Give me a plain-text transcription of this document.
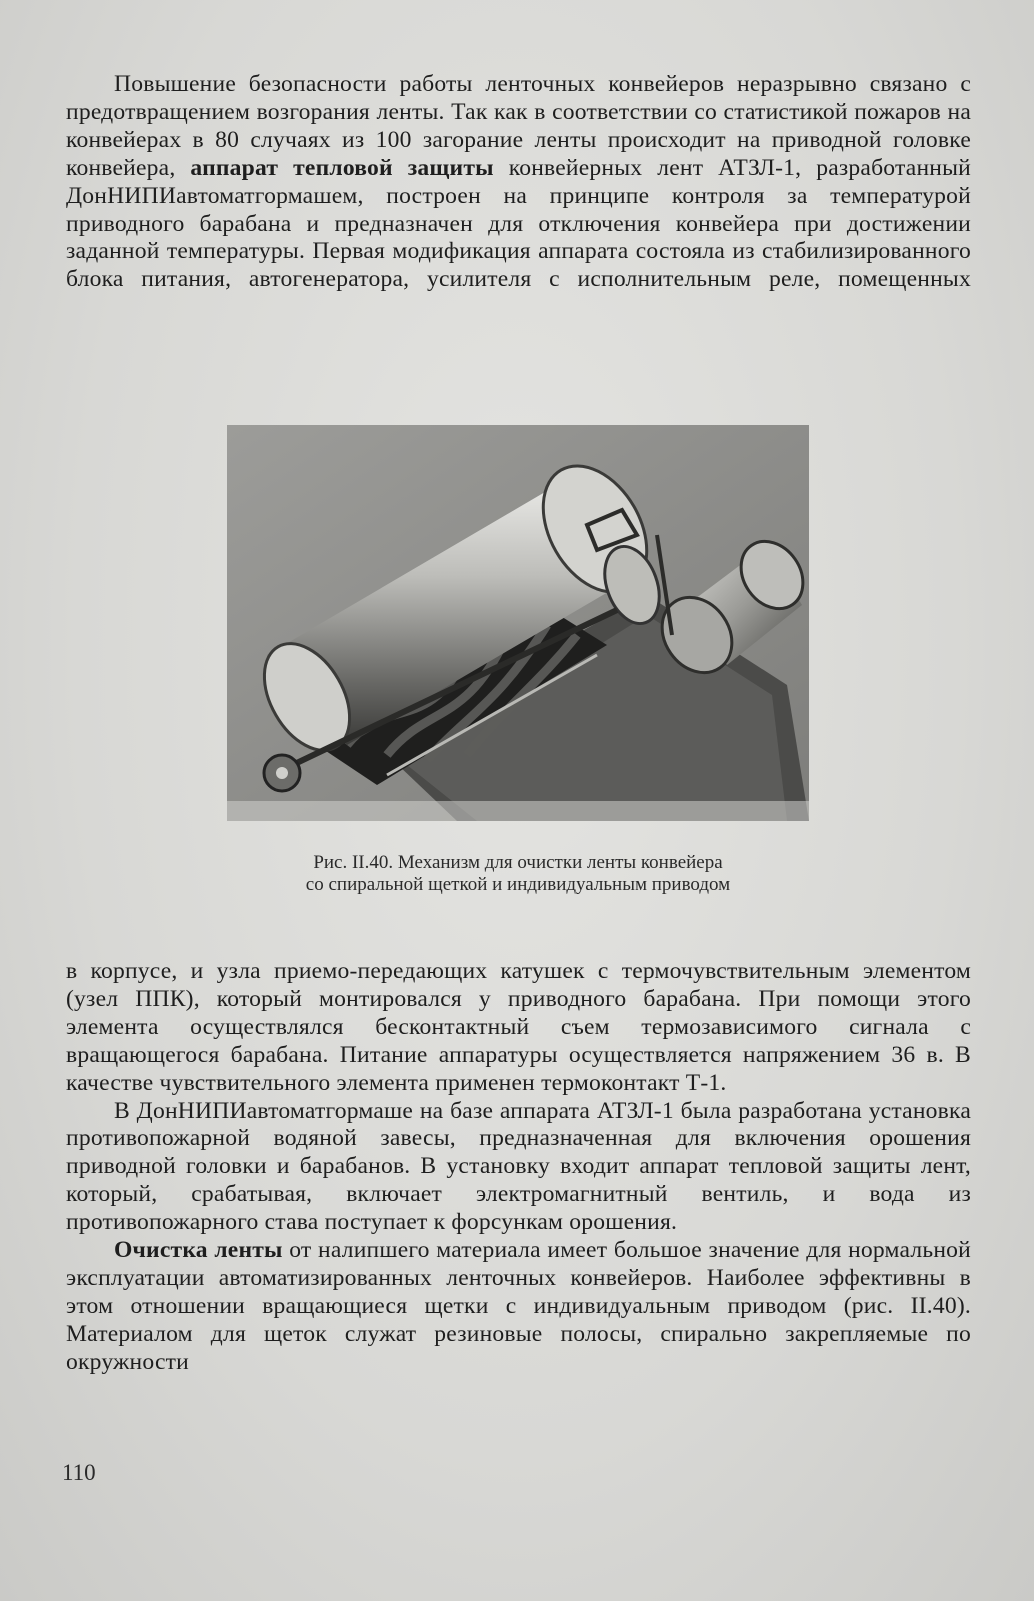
Повышение безопасности работы ленточных конвейеров неразрывно связано с предотвращением возгорания ленты. Так как в соответствии со статистикой пожаров на конвейерах в 80 случаях из 100 загорание ленты происходит на приводной головке конвейера, аппарат тепловой защиты конвейерных лент АТЗЛ-1, разработанный ДонНИПИавтоматгормашем, построен на принципе контроля за температурой приводного барабана и предназначен для отключения конвейера при достижении заданной температуры. Первая модификация аппарата состояла из стабилизированного блока питания, автогенератора, усилителя с исполнительным реле, помещенных

Рис. II.40. Механизм для очистки ленты конвейера
со спиральной щеткой и индивидуальным приводом

в корпусе, и узла приемо-передающих катушек с термочувствительным элементом (узел ППК), который монтировался у приводного барабана. При помощи этого элемента осуществлялся бесконтактный съем термозависимого сигнала с вращающегося барабана. Питание аппаратуры осуществляется напряжением 36 в. В качестве чувствительного элемента применен термоконтакт Т-1.

В ДонНИПИавтоматгормаше на базе аппарата АТЗЛ-1 была разработана установка противопожарной водяной завесы, предназначенная для включения орошения приводной головки и барабанов. В установку входит аппарат тепловой защиты лент, который, срабатывая, включает электромагнитный вентиль, и вода из противопожарного става поступает к форсункам орошения.

Очистка ленты от налипшего материала имеет большое значение для нормальной эксплуатации автоматизированных ленточных конвейеров. Наиболее эффективны в этом отношении вращающиеся щетки с индивидуальным приводом (рис. II.40). Материалом для щеток служат резиновые полосы, спирально закрепляемые по окружности

110
